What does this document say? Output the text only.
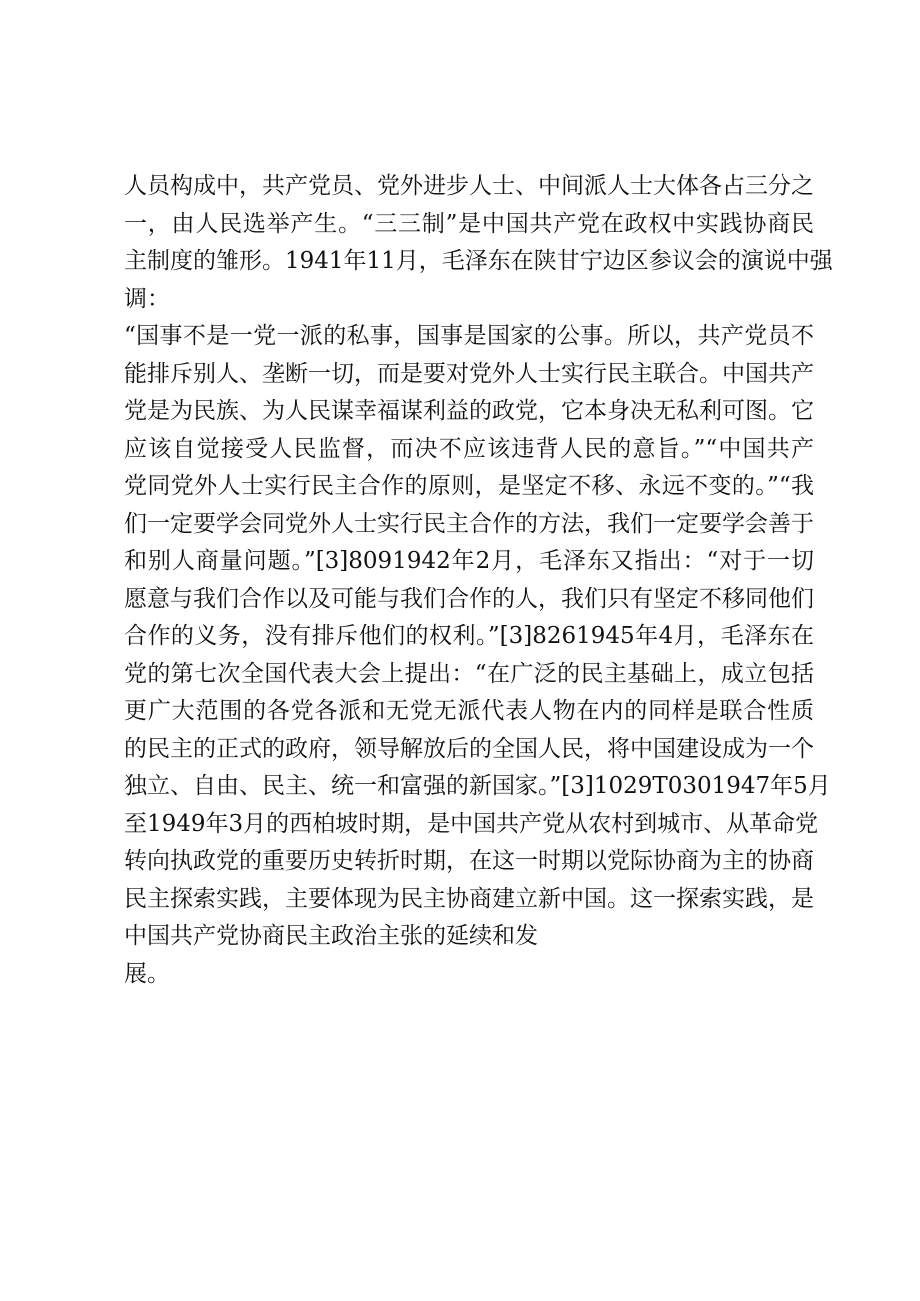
人员构成中，共产党员、党外进步人士、中间派人士大体各占三分之
一，由人民选举产生。“三三制”是中国共产党在政权中实践协商民
主制度的雏形。1941年11月，毛泽东在陕甘宁边区参议会的演说中强
调：
“国事不是一党一派的私事，国事是国家的公事。所以，共产党员不
能排斥别人、垄断一切，而是要对党外人士实行民主联合。中国共产
党是为民族、为人民谋幸福谋利益的政党，它本身决无私利可图。它
应该自觉接受人民监督，而决不应该违背人民的意旨。”“中国共产
党同党外人士实行民主合作的原则，是坚定不移、永远不变的。”“我
们一定要学会同党外人士实行民主合作的方法，我们一定要学会善于
和别人商量问题。”[3]8091942年2月，毛泽东又指出：“对于一切
愿意与我们合作以及可能与我们合作的人，我们只有坚定不移同他们
合作的义务，没有排斥他们的权利。”[3]8261945年4月，毛泽东在
党的第七次全国代表大会上提出：“在广泛的民主基础上，成立包括
更广大范围的各党各派和无党无派代表人物在内的同样是联合性质
的民主的正式的政府，领导解放后的全国人民，将中国建设成为一个
独立、自由、民主、统一和富强的新国家。”[3]1029T0301947年5月
至1949年3月的西柏坡时期，是中国共产党从农村到城市、从革命党
转向执政党的重要历史转折时期，在这一时期以党际协商为主的协商
民主探索实践，主要体现为民主协商建立新中国。这一探索实践，是
中国共产党协商民主政治主张的延续和发
展。
